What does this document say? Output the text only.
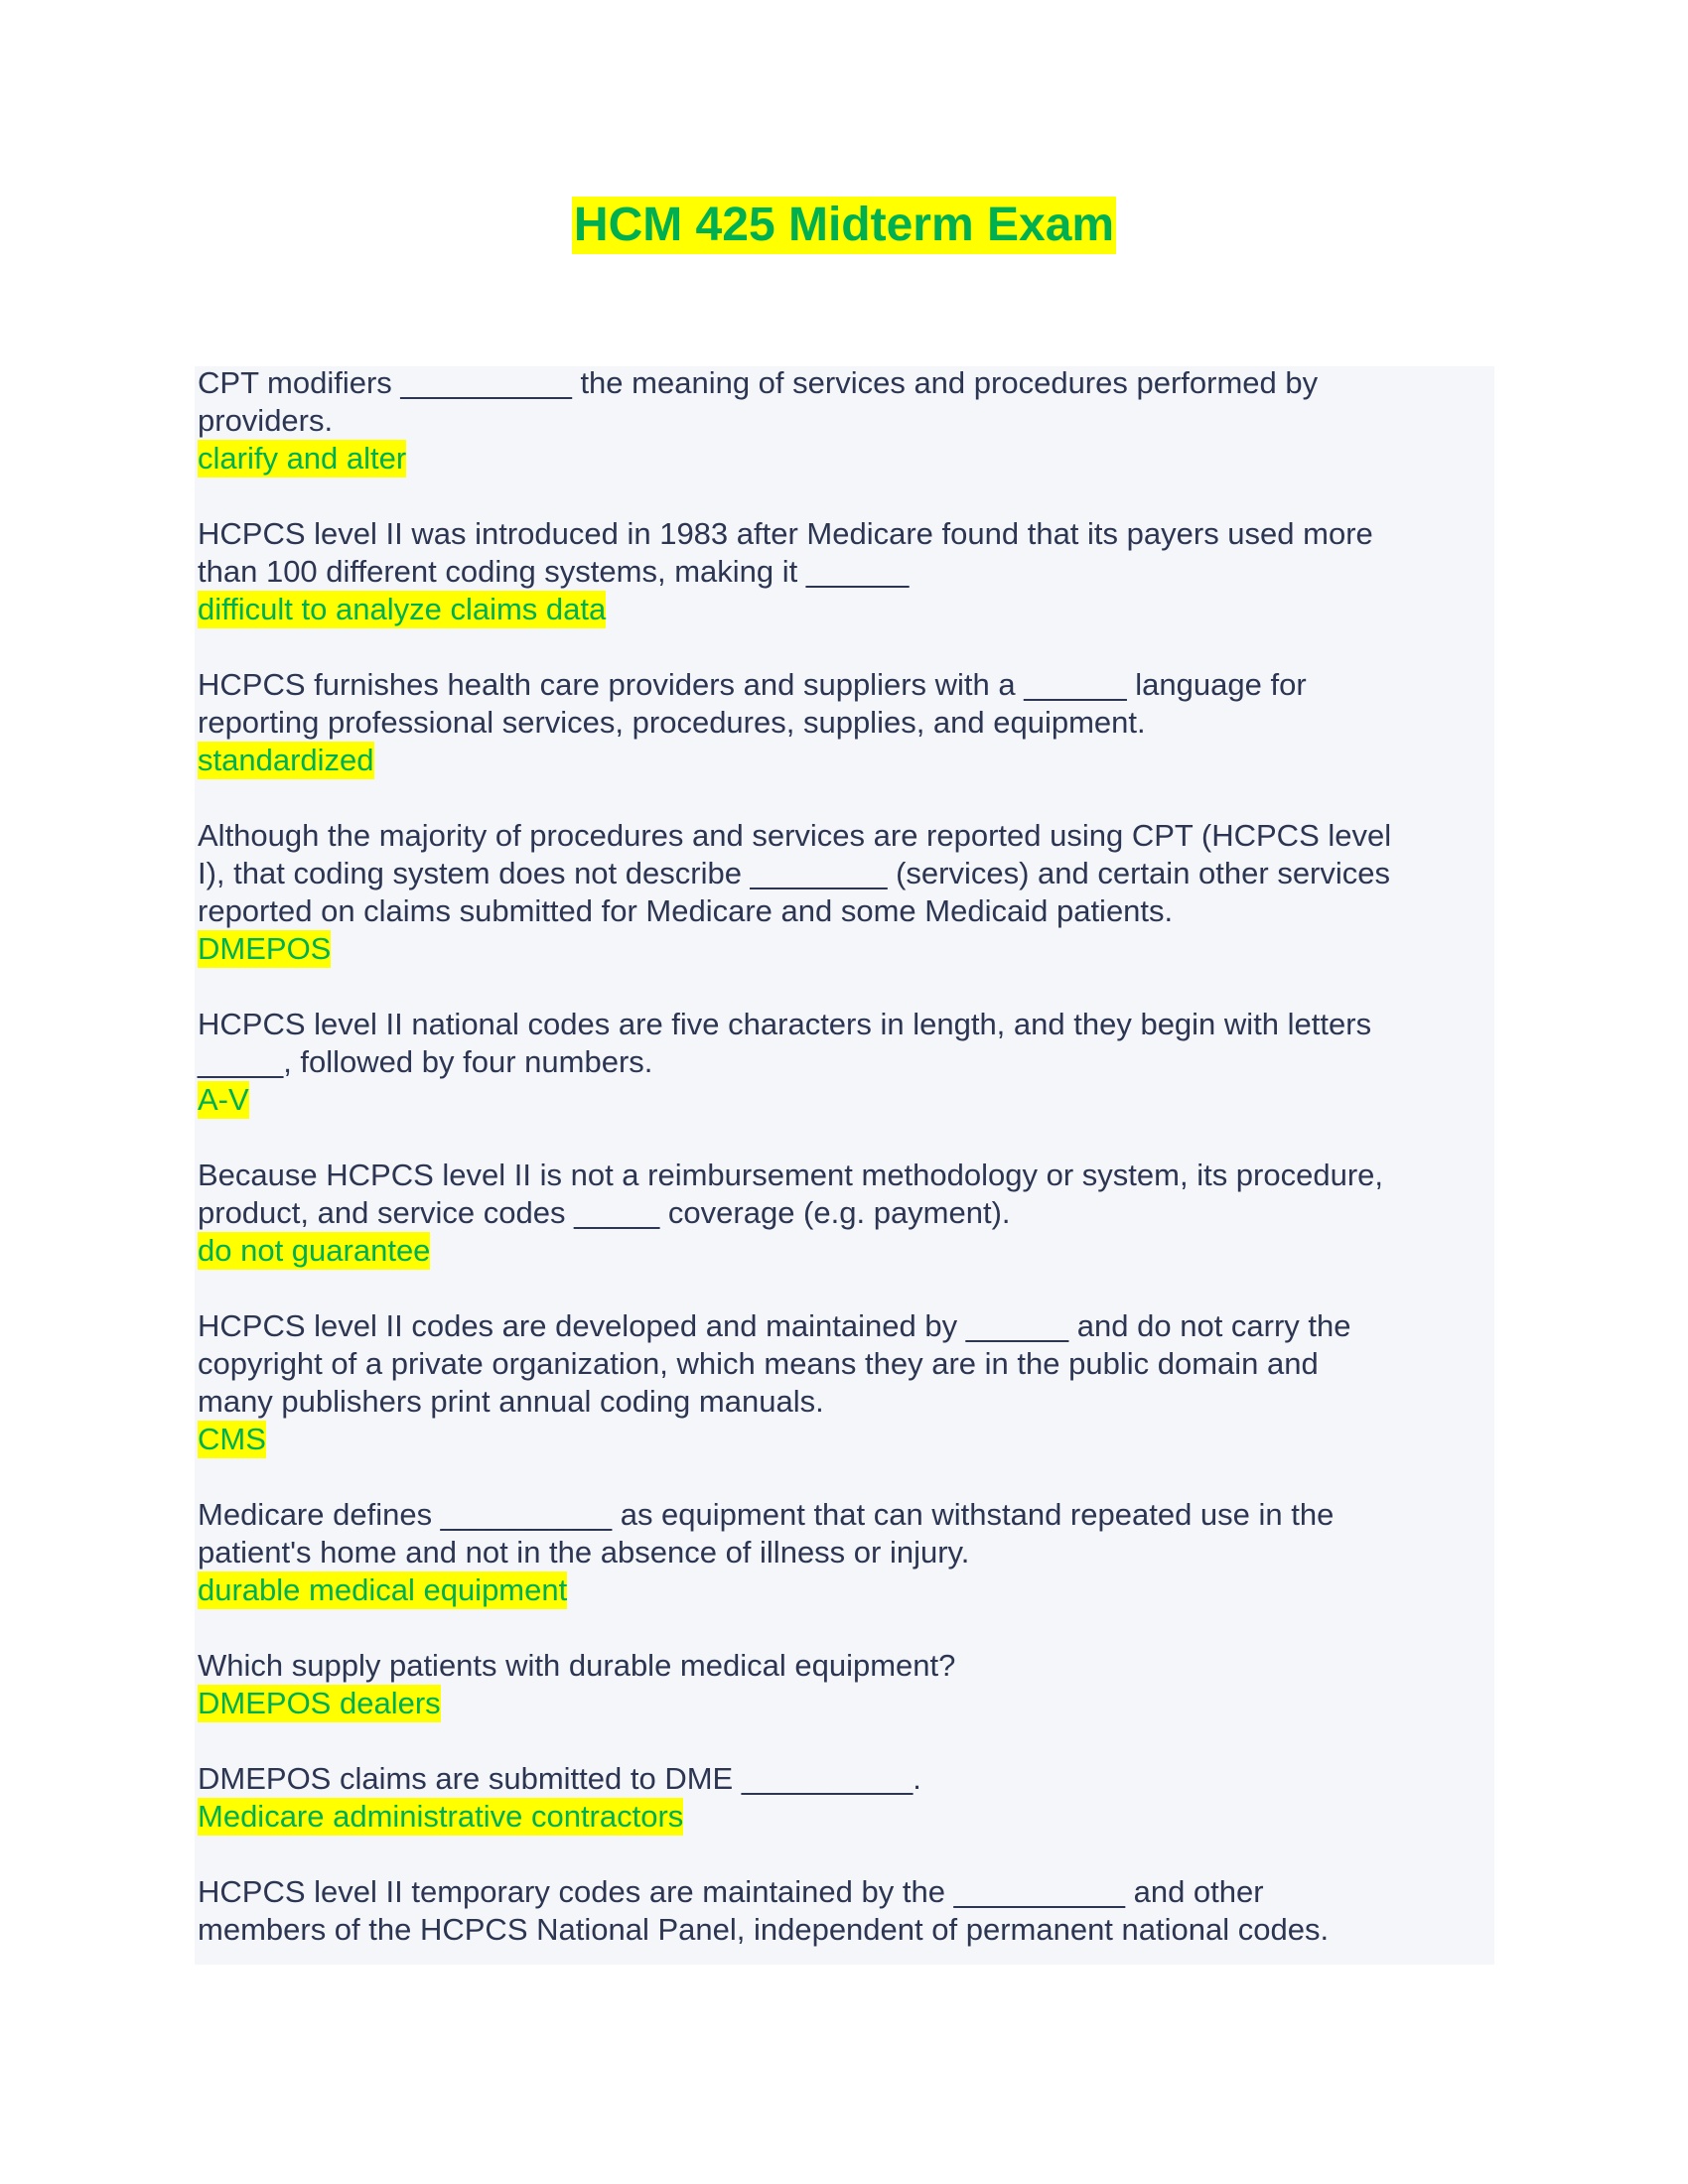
HCM 425 Midterm Exam
CPT modifiers __________ the meaning of services and procedures performed by
providers.
clarify and alter
HCPCS level II was introduced in 1983 after Medicare found that its payers used more
than 100 different coding systems, making it ______
difficult to analyze claims data
HCPCS furnishes health care providers and suppliers with a ______ language for
reporting professional services, procedures, supplies, and equipment.
standardized
Although the majority of procedures and services are reported using CPT (HCPCS level
I), that coding system does not describe ________ (services) and certain other services
reported on claims submitted for Medicare and some Medicaid patients.
DMEPOS
HCPCS level II national codes are five characters in length, and they begin with letters
_____, followed by four numbers.
A-V
Because HCPCS level II is not a reimbursement methodology or system, its procedure,
product, and service codes _____ coverage (e.g. payment).
do not guarantee
HCPCS level II codes are developed and maintained by ______ and do not carry the
copyright of a private organization, which means they are in the public domain and
many publishers print annual coding manuals.
CMS
Medicare defines __________ as equipment that can withstand repeated use in the
patient's home and not in the absence of illness or injury.
durable medical equipment
Which supply patients with durable medical equipment?
DMEPOS dealers
DMEPOS claims are submitted to DME __________.
Medicare administrative contractors
HCPCS level II temporary codes are maintained by the __________ and other
members of the HCPCS National Panel, independent of permanent national codes.
